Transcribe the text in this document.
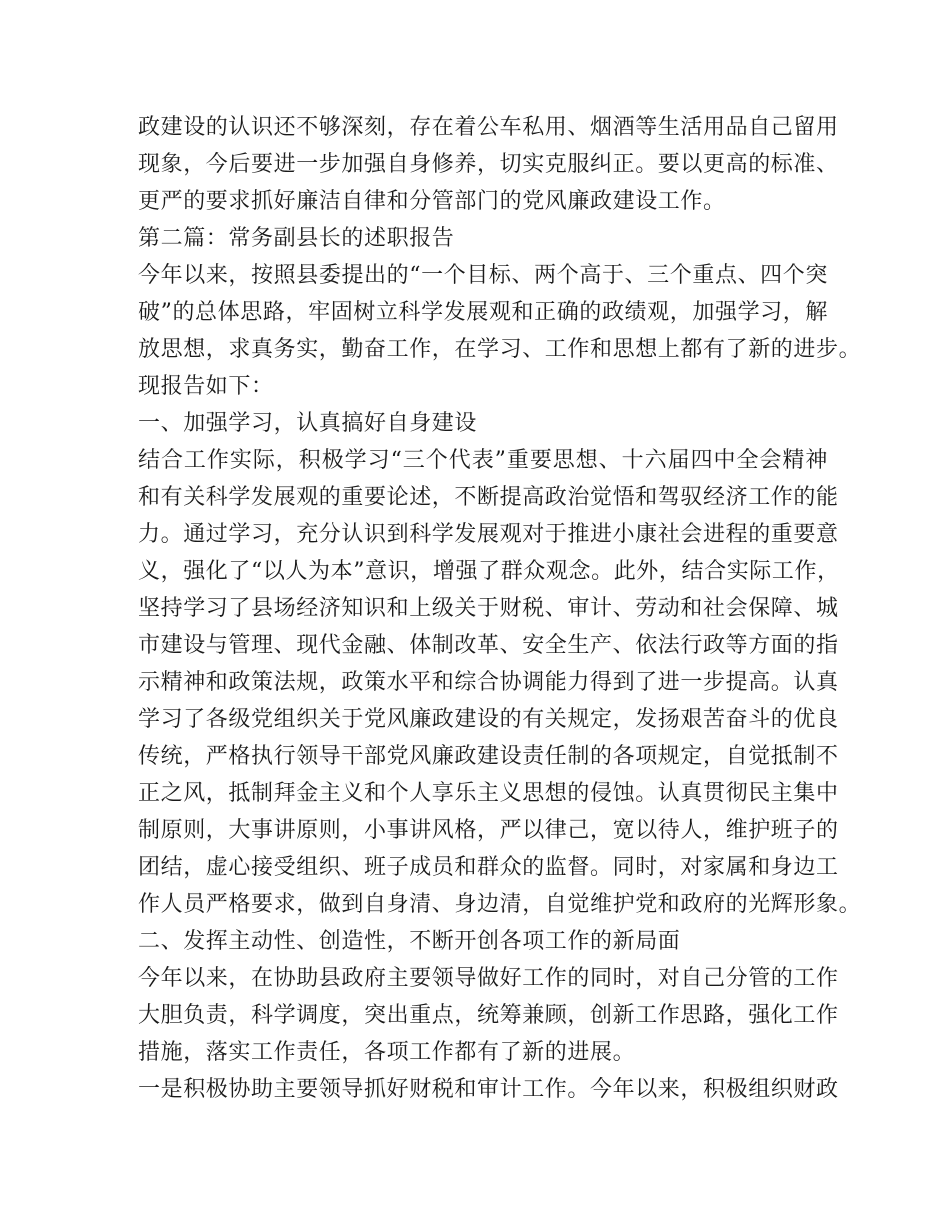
政建设的认识还不够深刻，存在着公车私用、烟酒等生活用品自己留用
现象，今后要进一步加强自身修养，切实克服纠正。要以更高的标准、
更严的要求抓好廉洁自律和分管部门的党风廉政建设工作。
第二篇：常务副县长的述职报告
今年以来，按照县委提出的“一个目标、两个高于、三个重点、四个突
破”的总体思路，牢固树立科学发展观和正确的政绩观，加强学习，解
放思想，求真务实，勤奋工作，在学习、工作和思想上都有了新的进步。
现报告如下：
一、加强学习，认真搞好自身建设
结合工作实际，积极学习“三个代表”重要思想、十六届四中全会精神
和有关科学发展观的重要论述，不断提高政治觉悟和驾驭经济工作的能
力。通过学习，充分认识到科学发展观对于推进小康社会进程的重要意
义，强化了“以人为本”意识，增强了群众观念。此外，结合实际工作，
坚持学习了县场经济知识和上级关于财税、审计、劳动和社会保障、城
市建设与管理、现代金融、体制改革、安全生产、依法行政等方面的指
示精神和政策法规，政策水平和综合协调能力得到了进一步提高。认真
学习了各级党组织关于党风廉政建设的有关规定，发扬艰苦奋斗的优良
传统，严格执行领导干部党风廉政建设责任制的各项规定，自觉抵制不
正之风，抵制拜金主义和个人享乐主义思想的侵蚀。认真贯彻民主集中
制原则，大事讲原则，小事讲风格，严以律己，宽以待人，维护班子的
团结，虚心接受组织、班子成员和群众的监督。同时，对家属和身边工
作人员严格要求，做到自身清、身边清，自觉维护党和政府的光辉形象。
二、发挥主动性、创造性，不断开创各项工作的新局面
今年以来，在协助县政府主要领导做好工作的同时，对自己分管的工作
大胆负责，科学调度，突出重点，统筹兼顾，创新工作思路，强化工作
措施，落实工作责任，各项工作都有了新的进展。
一是积极协助主要领导抓好财税和审计工作。今年以来，积极组织财政
